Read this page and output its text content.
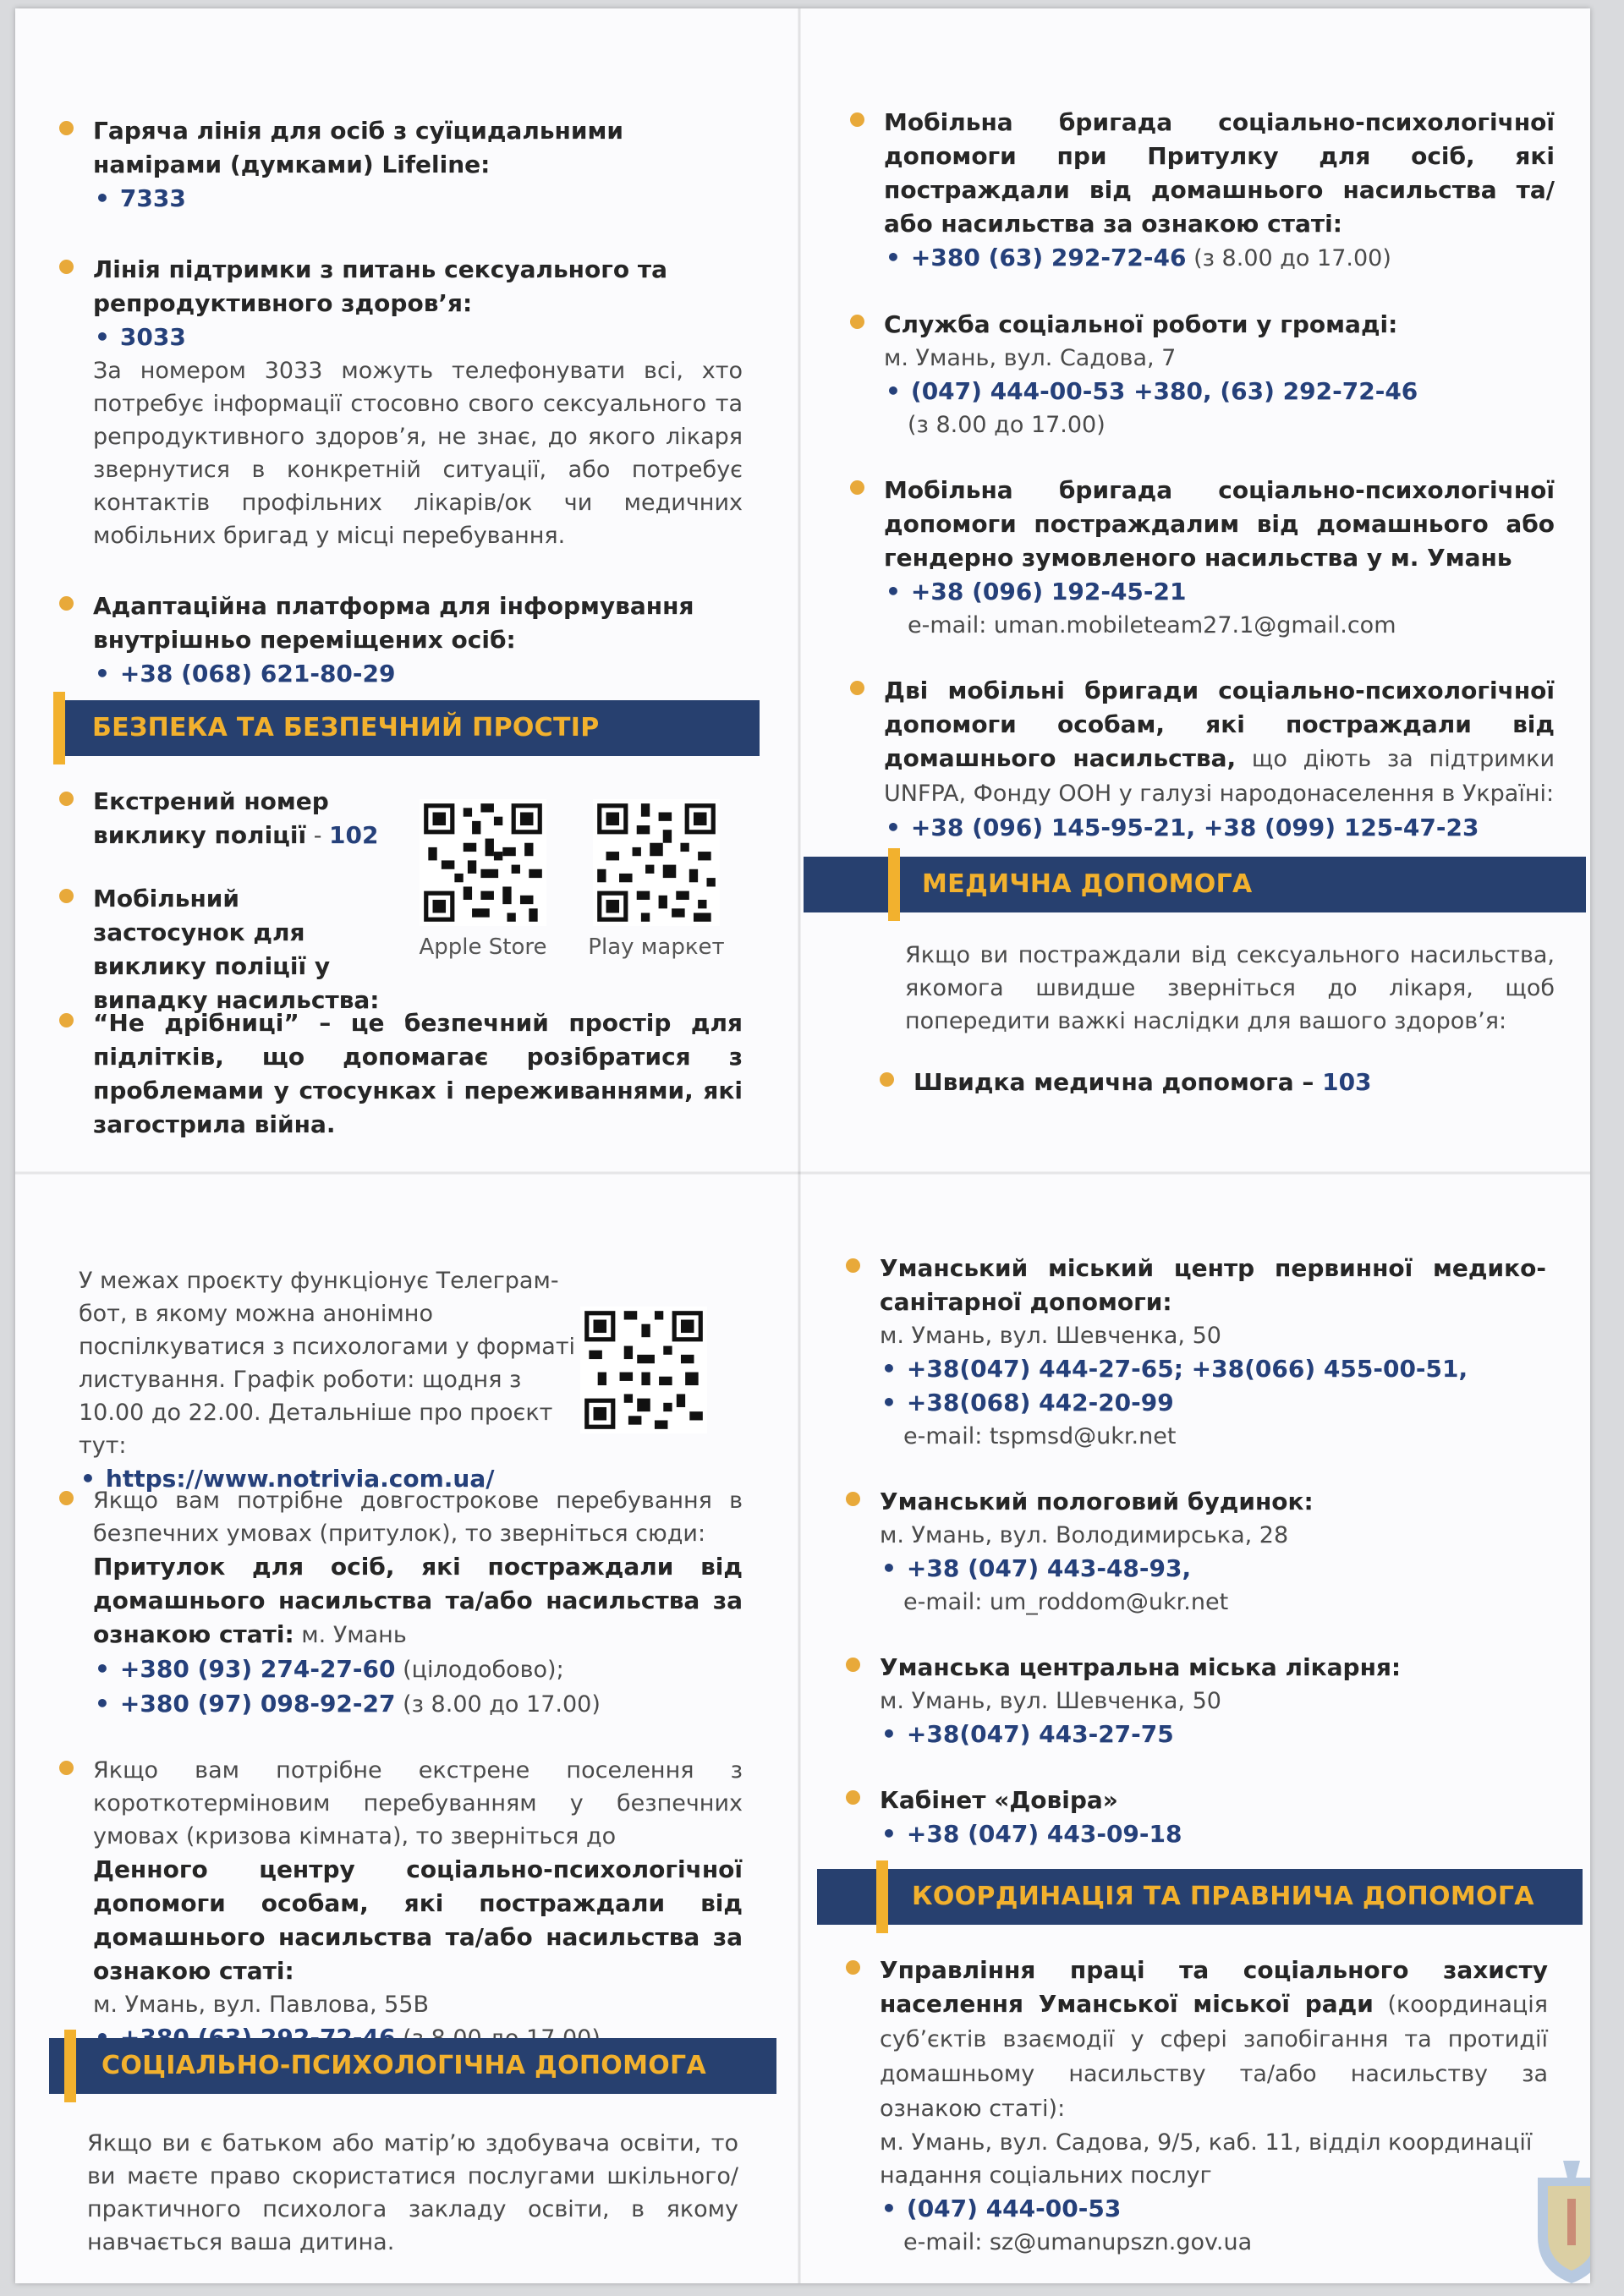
Гаряча лінія для осіб з суїцидальними намірами (думками) Lifeline:
• 7333
Лінія підтримки з питань сексуального та репродуктивного здоров’я:
• 3033
За номером 3033 можуть телефонувати всі, хто потребує інформації стосовно свого сексуального та репродуктивного здоров’я, не знає, до якого лікаря звернутися в конкретній ситуації, або потребує контактів профільних лікарів/ок чи медичних мобільних бригад у місці перебування.
Адаптаційна платформа для інформування внутрішньо переміщених осіб:
• +38 (068) 621-80-29
БЕЗПЕКА ТА БЕЗПЕЧНИЙ ПРОСТІР
Екстрений номер виклику поліції - 102
Мобільний застосунок для виклику поліції у випадку насильства:
Apple Store	Play маркет
“Не дрібниці” – це безпечний простір для підлітків, що допомагає розібратися з проблемами у стосунках і переживаннями, які загострила війна.
Мобільна бригада соціально-психологічної допомоги при Притулку для осіб, які постраждали від домашнього насильства та/або насильства за ознакою статі:
• +380 (63) 292-72-46 (з 8.00 до 17.00)
Служба соціальної роботи у громаді:
м. Умань, вул. Садова, 7
• (047) 444-00-53 +380, (63) 292-72-46
(з 8.00 до 17.00)
Мобільна бригада соціально-психологічної допомоги постраждалим від домашнього або гендерно зумовленого насильства у м. Умань
• +38 (096) 192-45-21
e-mail: uman.mobileteam27.1@gmail.com
Дві мобільні бригади соціально-психологічної допомоги особам, які постраждали від домашнього насильства, що діють за підтримки UNFPA, Фонду ООН у галузі народонаселення в Україні:
• +38 (096) 145-95-21, +38 (099) 125-47-23
МЕДИЧНА ДОПОМОГА
Якщо ви постраждали від сексуального насильства, якомога швидше зверніться до лікаря, щоб попередити важкі наслідки для вашого здоров’я:
Швидка медична допомога – 103
У межах проєкту функціонує Телеграм-бот, в якому можна анонімно поспілкуватися з психологами у форматі листування. Графік роботи: щодня з 10.00 до 22.00. Детальніше про проєкт тут:
• https://www.notrivia.com.ua/
Якщо вам потрібне довгострокове перебування в безпечних умовах (притулок), то зверніться сюди:
Притулок для осіб, які постраждали від домашнього насильства та/або насильства за ознакою статі: м. Умань
• +380 (93) 274-27-60 (цілодобово);
• +380 (97) 098-92-27 (з 8.00 до 17.00)
Якщо вам потрібне екстрене поселення з короткотерміновим перебуванням у безпечних умовах (кризова кімната), то зверніться до
Денного центру соціально-психологічної допомоги особам, які постраждали від домашнього насильства та/або насильства за ознакою статі:
м. Умань, вул. Павлова, 55В
СОЦІАЛЬНО-ПСИХОЛОГІЧНА ДОПОМОГА
Якщо ви є батьком або матір’ю здобувача освіти, то ви маєте право скористатися послугами шкільного/практичного психолога закладу освіти, в якому навчається ваша дитина.
Уманський міський центр первинної медико-санітарної допомоги:
м. Умань, вул. Шевченка, 50
• +38(047) 444-27-65; +38(066) 455-00-51,
• +38(068) 442-20-99
e-mail: tspmsd@ukr.net
Уманський пологовий будинок:
м. Умань, вул. Володимирська, 28
• +38 (047) 443-48-93,
e-mail: um_roddom@ukr.net
Уманська центральна міська лікарня:
м. Умань, вул. Шевченка, 50
• +38(047) 443-27-75
Кабінет «Довіра»
• +38 (047) 443-09-18
КООРДИНАЦІЯ ТА ПРАВНИЧА ДОПОМОГА
Управління праці та соціального захисту населення Уманської міської ради (координація суб’єктів взаємодії у сфері запобігання та протидії домашньому насильству та/або насильству за ознакою статі):
м. Умань, вул. Садова, 9/5, каб. 11, відділ координації надання соціальних послуг
• (047) 444-00-53
e-mail: sz@umanupszn.gov.ua
